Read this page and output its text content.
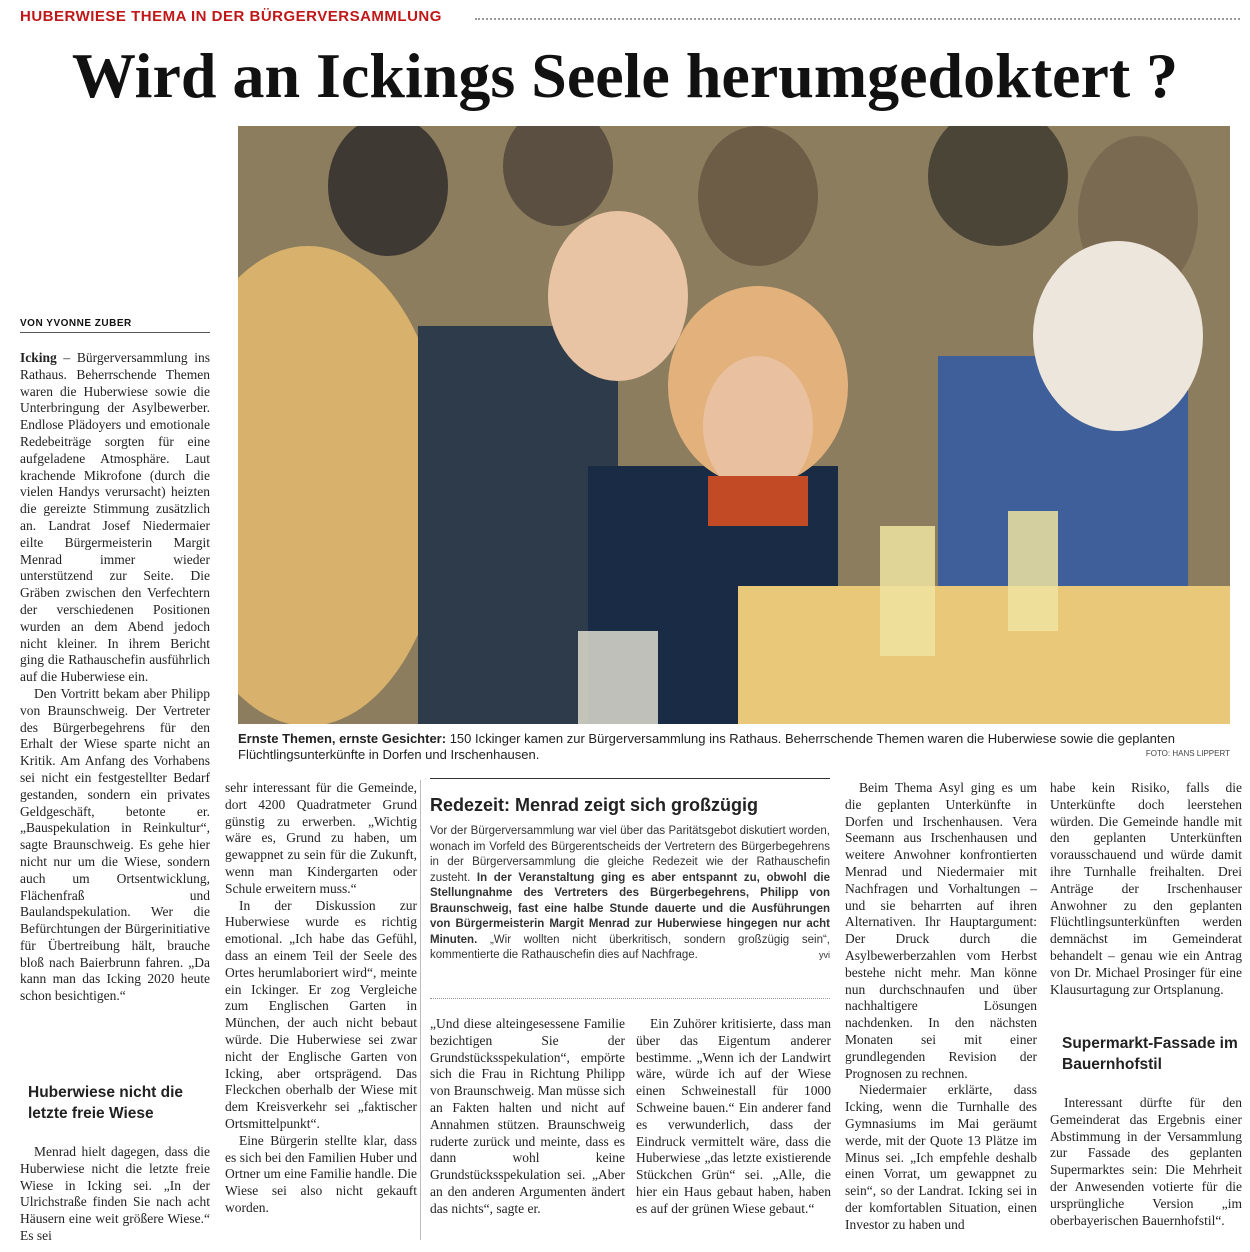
HUBERWIESE THEMA IN DER BÜRGERVERSAMMLUNG
Wird an Ickings Seele herumgedoktert ?
VON YVONNE ZUBER

Icking – Bürgerversammlung ins Rathaus. Beherrschende Themen waren die Huberwiese sowie die Unterbringung der Asylbewerber. Endlose Plädoyers und emotionale Redebeiträge sorgten für eine aufgeladene Atmosphäre. Laut krachende Mikrofone (durch die vielen Handys verursacht) heizten die gereizte Stimmung zusätzlich an. Landrat Josef Niedermaier eilte Bürgermeisterin Margit Menrad immer wieder unterstützend zur Seite. Die Gräben zwischen den Verfechtern der verschiedenen Positionen wurden an dem Abend jedoch nicht kleiner. In ihrem Bericht ging die Rathauschefin ausführlich auf die Huberwiese ein.

Den Vortritt bekam aber Philipp von Braunschweig. Der Vertreter des Bürgerbegehrens für den Erhalt der Wiese sparte nicht an Kritik. Am Anfang des Vorhabens sei nicht ein festgestellter Bedarf gestanden, sondern ein privates Geldgeschäft, betonte er. „Bauspekulation in Reinkultur“, sagte Braunschweig. Es gehe hier nicht nur um die Wiese, sondern auch um Ortsentwicklung, Flächenfraß und Baulandspekulation. Wer die Befürchtungen der Bürgerinitiative für Übertreibung hält, brauche bloß nach Baierbrunn fahren. „Da kann man das Icking 2020 heute schon besichtigen.“

Huberwiese nicht die letzte freie Wiese

Menrad hielt dagegen, dass die Huberwiese nicht die letzte freie Wiese in Icking sei. „In der Ulrichstraße finden Sie nach acht Häusern eine weit größere Wiese.“ Es sei

Ernste Themen, ernste Gesichter: 150 Ickinger kamen zur Bürgerversammlung ins Rathaus. Beherrschende Themen waren die Huberwiese sowie die geplanten Flüchtlingsunterkünfte in Dorfen und Irschenhausen.	FOTO: HANS LIPPERT

sehr interessant für die Gemeinde, dort 4200 Quadratmeter Grund günstig zu erwerben. „Wichtig wäre es, Grund zu haben, um gewappnet zu sein für die Zukunft, wenn man Kindergarten oder Schule erweitern muss.“

In der Diskussion zur Huberwiese wurde es richtig emotional. „Ich habe das Gefühl, dass an einem Teil der Seele des Ortes herumlaboriert wird“, meinte ein Ickinger. Er zog Vergleiche zum Englischen Garten in München, der auch nicht bebaut würde. Die Huberwiese sei zwar nicht der Englische Garten von Icking, aber ortsprägend. Das Fleckchen oberhalb der Wiese mit dem Kreisverkehr sei „faktischer Ortsmittelpunkt“.

Eine Bürgerin stellte klar, dass es sich bei den Familien Huber und Ortner um eine Familie handle. Die Wiese sei also nicht gekauft worden.

Redezeit: Menrad zeigt sich großzügig
Vor der Bürgerversammlung war viel über das Paritätsgebot diskutiert worden, wonach im Vorfeld des Bürgerentscheids der Vertretern des Bürgerbegehrens in der Bürgerversammlung die gleiche Redezeit wie der Rathauschefin zusteht. In der Veranstaltung ging es aber entspannt zu, obwohl die Stellungnahme des Vertreters des Bürgerbegehrens, Philipp von Braunschweig, fast eine halbe Stunde dauerte und die Ausführungen von Bürgermeisterin Margit Menrad zur Huberwiese hingegen nur acht Minuten. „Wir wollten nicht überkritisch, sondern großzügig sein“, kommentierte die Rathauschefin dies auf Nachfrage.	yvi

„Und diese alteingesessene Familie bezichtigen Sie der Grundstücksspekulation“, empörte sich die Frau in Richtung Philipp von Braunschweig. Man müsse sich an Fakten halten und nicht auf Annahmen stützen. Braunschweig ruderte zurück und meinte, dass es dann wohl keine Grundstücksspekulation sei. „Aber an den anderen Argumenten ändert das nichts“, sagte er.

Ein Zuhörer kritisierte, dass man über das Eigentum anderer bestimme. „Wenn ich der Landwirt wäre, würde ich auf der Wiese einen Schweinestall für 1000 Schweine bauen.“ Ein anderer fand es verwunderlich, dass der Eindruck vermittelt wäre, dass die Huberwiese „das letzte existierende Stückchen Grün“ sei. „Alle, die hier ein Haus gebaut haben, haben es auf der grünen Wiese gebaut.“

Beim Thema Asyl ging es um die geplanten Unterkünfte in Dorfen und Irschenhausen. Vera Seemann aus Irschenhausen und weitere Anwohner konfrontierten Menrad und Niedermaier mit Nachfragen und Vorhaltungen – und sie beharrten auf ihren Alternativen. Ihr Hauptargument: Der Druck durch die Asylbewerberzahlen vom Herbst bestehe nicht mehr. Man könne nun durchschnaufen und über nachhaltigere Lösungen nachdenken. In den nächsten Monaten sei mit einer grundlegenden Revision der Prognosen zu rechnen.

Niedermaier erklärte, dass Icking, wenn die Turnhalle des Gymnasiums im Mai geräumt werde, mit der Quote 13 Plätze im Minus sei. „Ich empfehle deshalb einen Vorrat, um gewappnet zu sein“, so der Landrat. Icking sei in der komfortablen Situation, einen Investor zu haben und

habe kein Risiko, falls die Unterkünfte doch leerstehen würden. Die Gemeinde handle mit den geplanten Unterkünften vorausschauend und würde damit ihre Turnhalle freihalten. Drei Anträge der Irschenhauser Anwohner zu den geplanten Flüchtlingsunterkünften werden demnächst im Gemeinderat behandelt – genau wie ein Antrag von Dr. Michael Prosinger für eine Klausurtagung zur Ortsplanung.

Supermarkt-Fassade im Bauernhofstil

Interessant dürfte für den Gemeinderat das Ergebnis einer Abstimmung in der Versammlung zur Fassade des geplanten Supermarktes sein: Die Mehrheit der Anwesenden votierte für die ursprüngliche Version „im oberbayerischen Bauernhofstil“.
